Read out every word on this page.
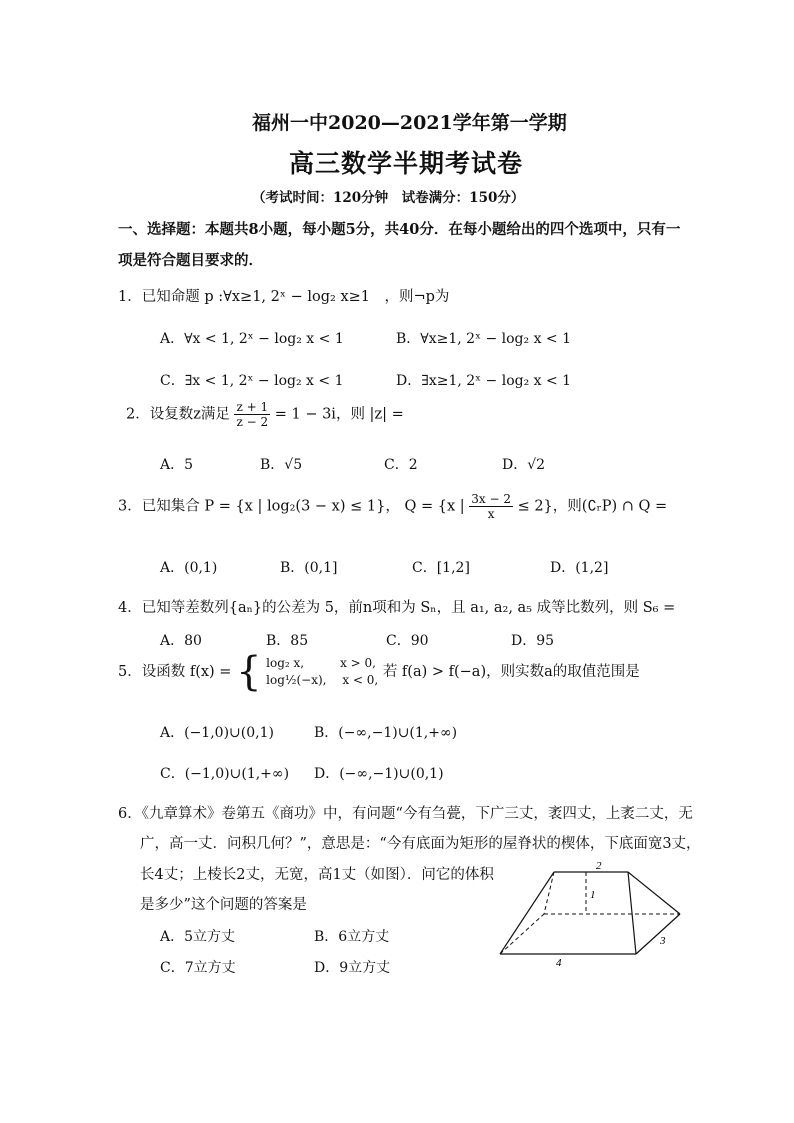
福州一中2020—2021学年第一学期
高三数学半期考试卷
（考试时间：120分钟　试卷满分：150分）
一、选择题：本题共8小题，每小题5分，共40分．在每小题给出的四个选项中，只有一
项是符合题目要求的．
1．已知命题 p :∀x≥1, 2ˣ − log₂ x≥1　，则¬p为
A．∀x < 1, 2ˣ − log₂ x < 1	B．∀x≥1, 2ˣ − log₂ x < 1
C．∃x < 1, 2ˣ − log₂ x < 1	D．∃x≥1, 2ˣ − log₂ x < 1
2．设复数z满足 $\frac{z + 1}{z - 2} = 1 - 3i$，则 |z| =
A．5	B．√5	C．2	D．√2
3．已知集合 P = {x | log₂(3 − x) ≤ 1}， Q = {x | $\frac{3x - 2}{x} \le 2$}，则(∁ᵣP) ∩ Q =
A．(0,1)	B．(0,1]	C．[1,2]	D．(1,2]
4．已知等差数列{aₙ}的公差为 5，前n项和为 Sₙ，且 a₁, a₂, a₅ 成等比数列，则 S₆ =
A．80	B．85	C．90	D．95
5．设函数 f(x) = { log₂ x,　　　x > 0,
log½(−x),　 x < 0, 若 f(a) > f(−a)，则实数a的取值范围是
A．(−1,0)∪(0,1)	B．(−∞,−1)∪(1,+∞)
C．(−1,0)∪(1,+∞) D．(−∞,−1)∪(0,1)
6．《九章算术》卷第五《商功》中，有问题“今有刍甍，下广三丈，袤四丈，上袤二丈，无
广，高一丈．问积几何？”，意思是：“今有底面为矩形的屋脊状的楔体，下底面宽3丈，
长4丈；上棱长2丈，无宽，高1丈（如图）．问它的体积
是多少”这个问题的答案是
A．5立方丈	B．6立方丈
C．7立方丈	D．9立方丈
2
1
3
4
